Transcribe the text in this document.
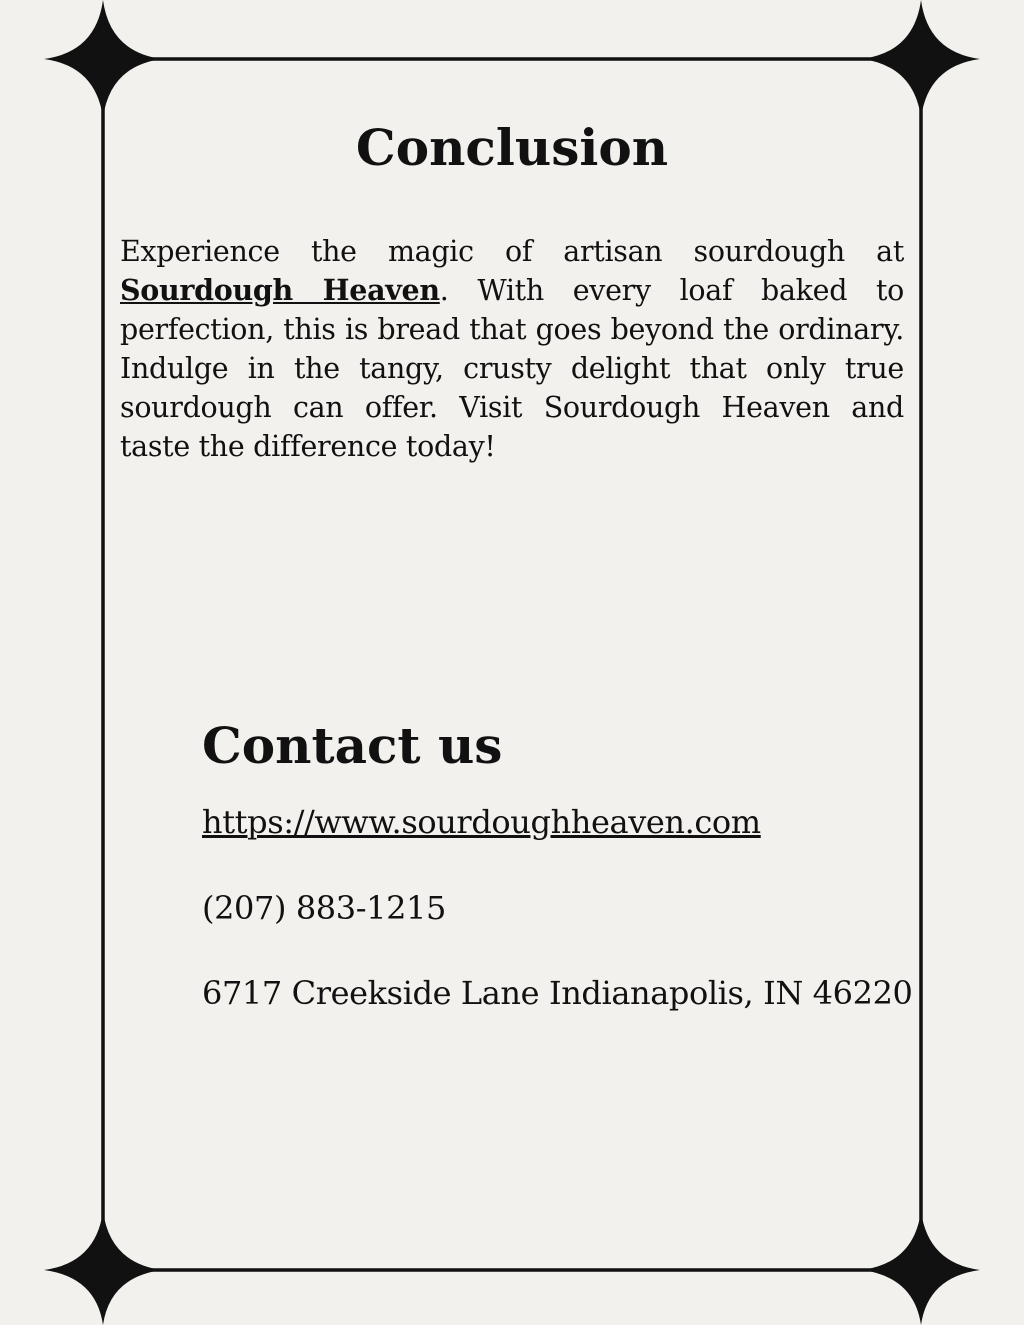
Conclusion

Experience the magic of artisan sourdough at Sourdough Heaven. With every loaf baked to perfection, this is bread that goes beyond the ordinary. Indulge in the tangy, crusty delight that only true sourdough can offer. Visit Sourdough Heaven and taste the difference today!

Contact us
https://www.sourdoughheaven.com

(207) 883-1215

6717 Creekside Lane Indianapolis, IN 46220
